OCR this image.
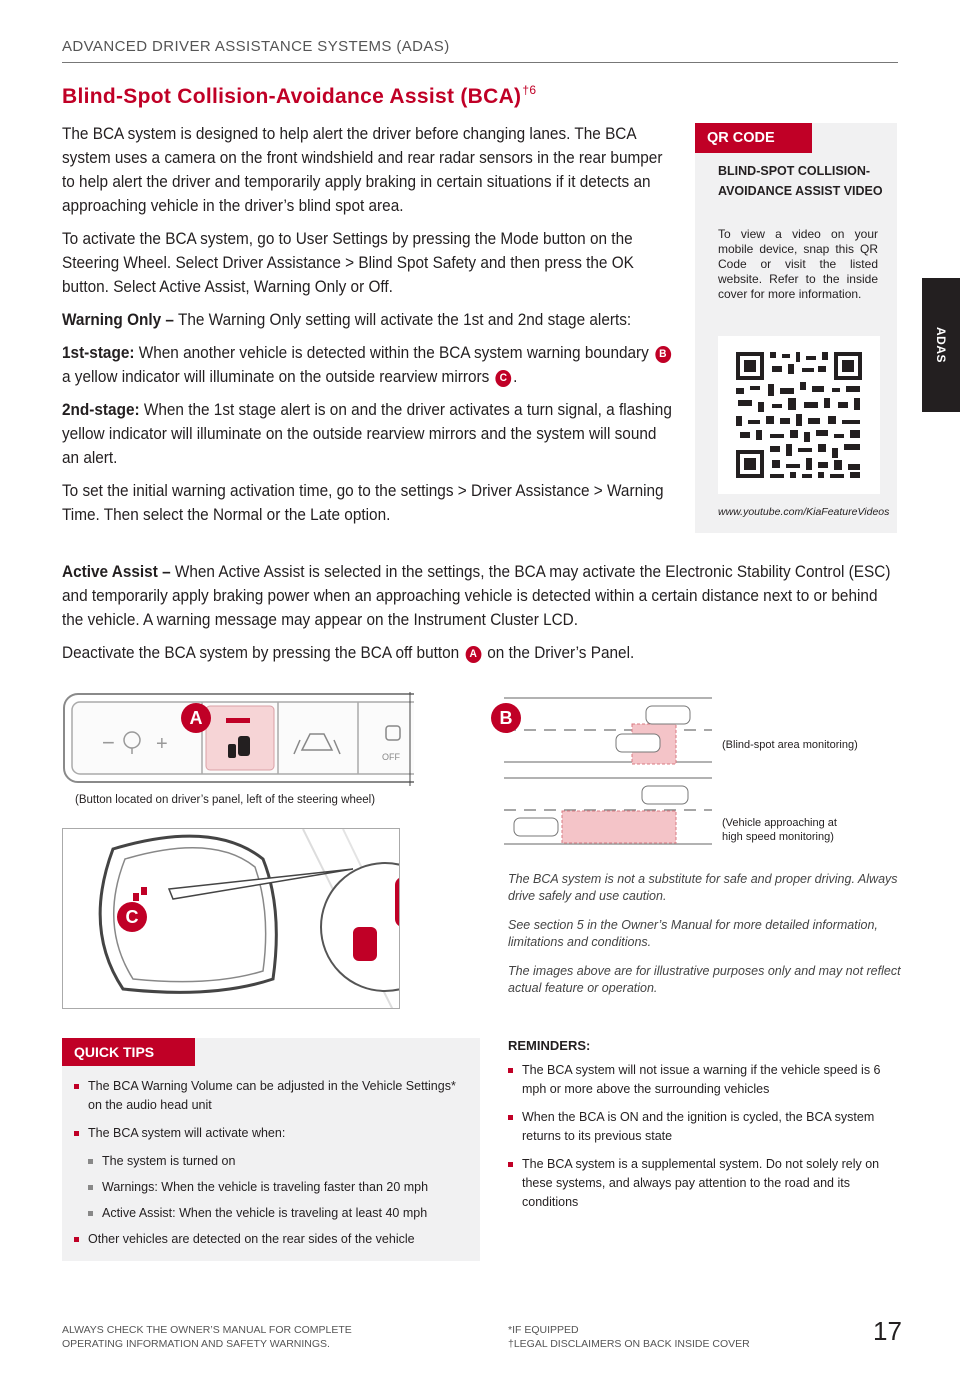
ADVANCED DRIVER ASSISTANCE SYSTEMS (ADAS)
ADAS
Blind-Spot Collision-Avoidance Assist (BCA)$^{\dagger 6}$

The BCA system is designed to help alert the driver before changing lanes. The BCA system uses a camera on the front windshield and rear radar sensors in the rear bumper to help alert the driver and temporarily apply braking in certain situations if it detects an approaching vehicle in the driver’s blind spot area.

To activate the BCA system, go to User Settings by pressing the Mode button on the Steering Wheel. Select Driver Assistance > Blind Spot Safety and then press the OK button. Select Active Assist, Warning Only or Off.

Warning Only – The Warning Only setting will activate the 1st and 2nd stage alerts:

1st-stage: When another vehicle is detected within the BCA system warning boundary B a yellow indicator will illuminate on the outside rearview mirrors C .

2nd-stage: When the 1st stage alert is on and the driver activates a turn signal, a flashing yellow indicator will illuminate on the outside rearview mirrors and the system will sound an alert.

To set the initial warning activation time, go to the settings > Driver Assistance > Warning Time. Then select the Normal or the Late option.

Active Assist – When Active Assist is selected in the settings, the BCA may activate the Electronic Stability Control (ESC) and temporarily apply braking power when an approaching vehicle is detected within a certain distance next to or behind the vehicle. A warning message may appear on the Instrument Cluster LCD.

Deactivate the BCA system by pressing the BCA off button A on the Driver’s Panel.

QR CODE
BLIND-SPOT COLLISION-AVOIDANCE ASSIST VIDEO
To view a video on your mobile device, snap this QR Code or visit the listed website. Refer to the inside cover for more information.
www.youtube.com/KiaFeatureVideos
− +
OFF
A
(Button located on driver’s panel, left of the steering wheel)
B
(Blind-spot area monitoring)
(Vehicle approaching at
high speed monitoring)
C

The BCA system is not a substitute for safe and proper driving. Always drive safely and use caution.

See section 5 in the Owner’s Manual for more detailed information, limitations and conditions.

The images above are for illustrative purposes only and may not reflect actual feature or operation.

QUICK TIPS
The BCA Warning Volume can be adjusted in the Vehicle Settings* on the audio head unit
The BCA system will activate when:
The system is turned on
Warnings: When the vehicle is traveling faster than 20 mph
Active Assist: When the vehicle is traveling at least 40 mph
Other vehicles are detected on the rear sides of the vehicle
REMINDERS:
The BCA system will not issue a warning if the vehicle speed is 6 mph or more above the surrounding vehicles
When the BCA is ON and the ignition is cycled, the BCA system returns to its previous state
The BCA system is a supplemental system. Do not solely rely on these systems, and always pay attention to the road and its conditions
ALWAYS CHECK THE OWNER’S MANUAL FOR COMPLETE
OPERATING INFORMATION AND SAFETY WARNINGS.
*IF EQUIPPED
†LEGAL DISCLAIMERS ON BACK INSIDE COVER	17
